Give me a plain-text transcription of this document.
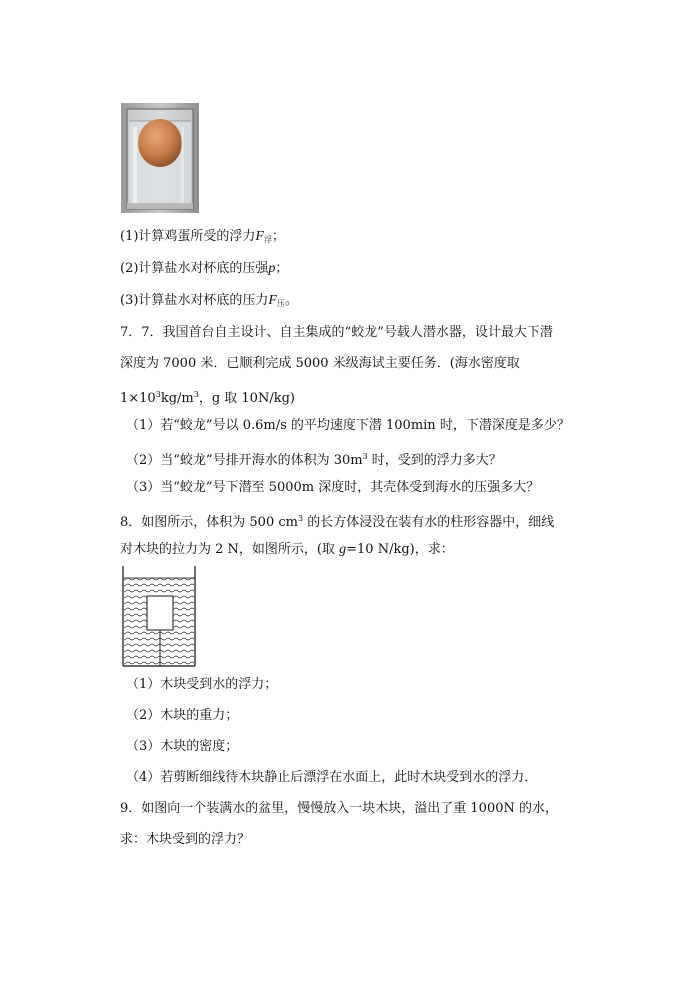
(1)计算鸡蛋所受的浮力$F_浮$；
(2)计算盐水对杯底的压强p；
(3)计算盐水对杯底的压力$F_压$。
7．7．我国首台自主设计、自主集成的“蛟龙”号载人潜水器，设计最大下潜
深度为 7000 米．已顺利完成 5000 米级海试主要任务．(海水密度取
$1\times 10^3kg/m^3$，g 取 10N/kg)
（1）若“蛟龙”号以 0.6m/s 的平均速度下潜 100min 时，下潜深度是多少？
（2）当“蛟龙”号排开海水的体积为 $30m^3$ 时，受到的浮力多大？
（3）当“蛟龙”号下潜至 5000m 深度时，其壳体受到海水的压强多大？
8．如图所示，体积为 500 $cm^3$ 的长方体浸没在装有水的柱形容器中，细线
对木块的拉力为 2 N，如图所示，(取 g=10 N/kg)，求：
（1）木块受到水的浮力；
（2）木块的重力；
（3）木块的密度；
（4）若剪断细线待木块静止后漂浮在水面上，此时木块受到水的浮力．
9．如图向一个装满水的盆里，慢慢放入一块木块，溢出了重 1000N 的水，
求：木块受到的浮力？
